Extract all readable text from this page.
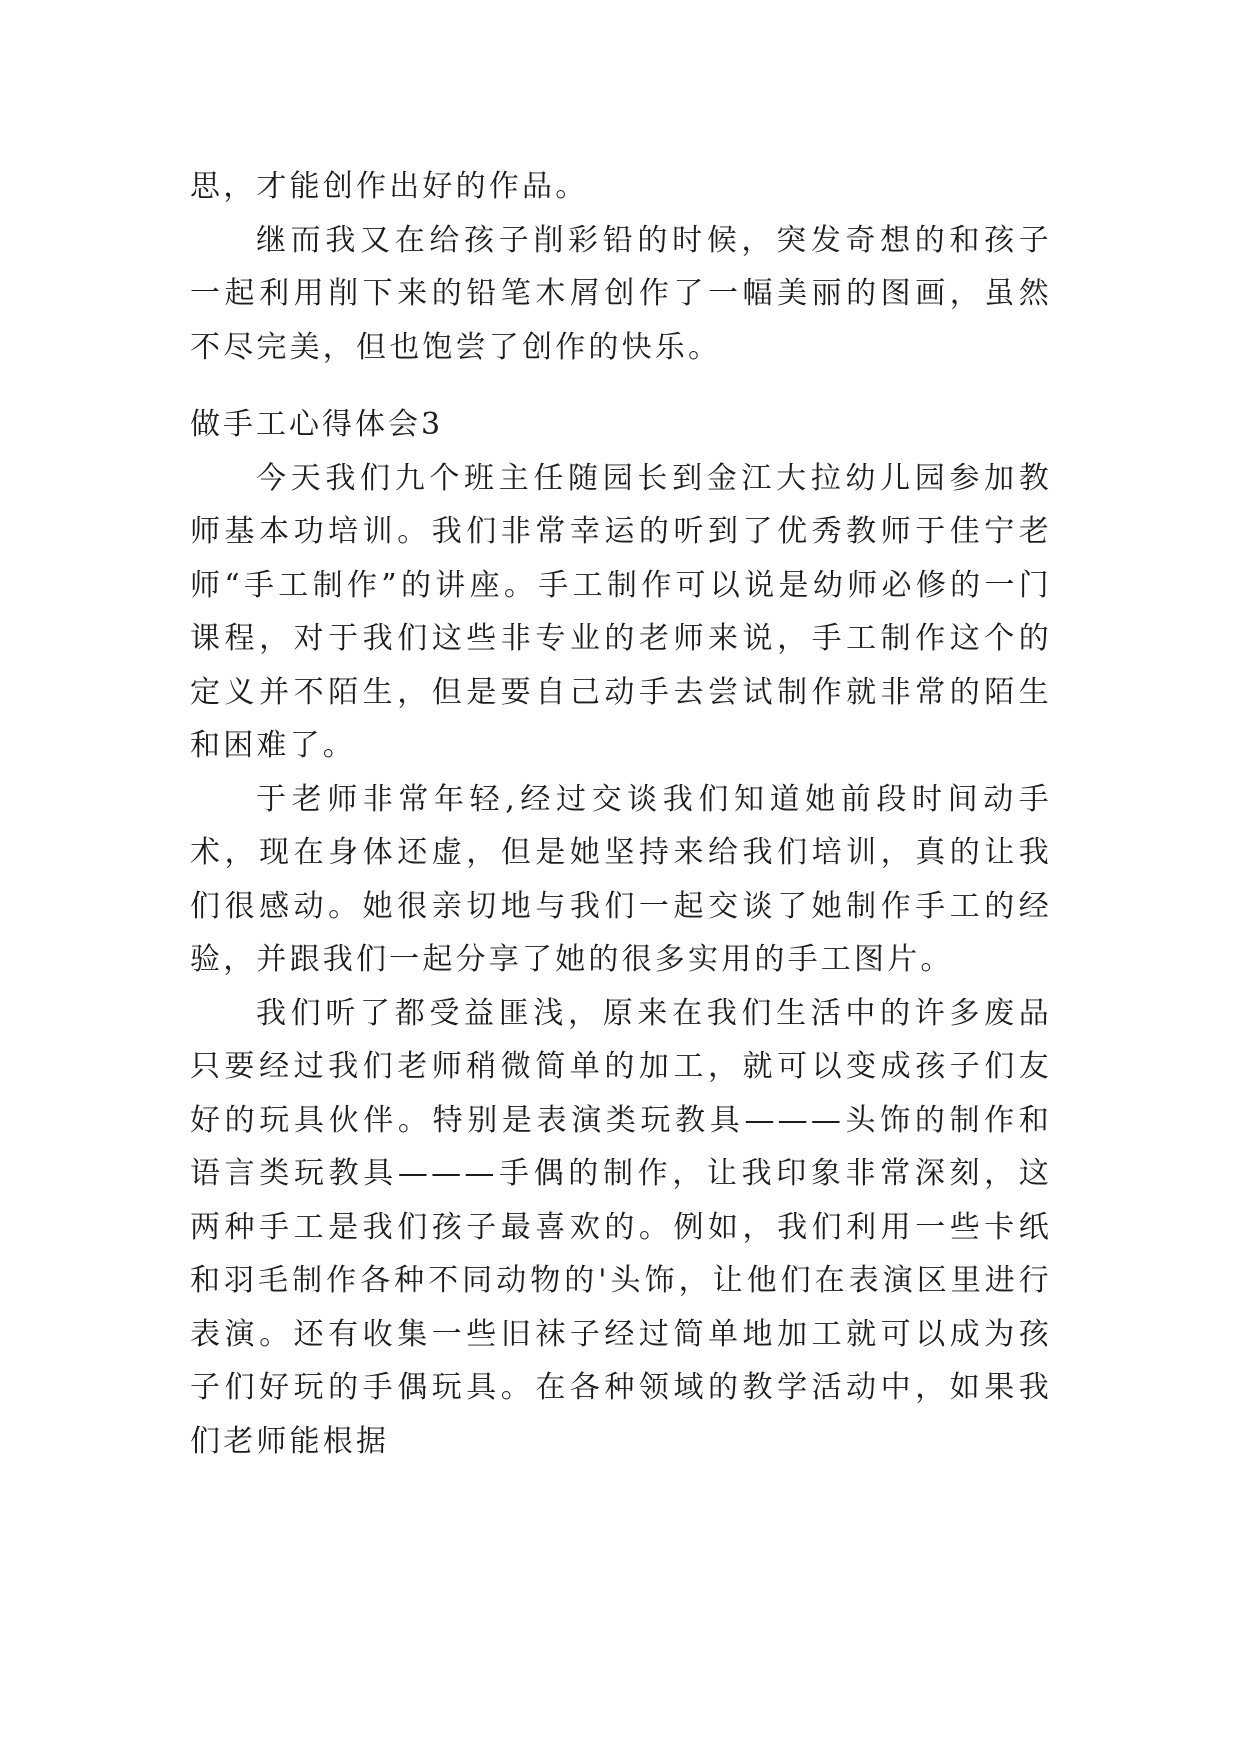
思，才能创作出好的作品。

继而我又在给孩子削彩铅的时候，突发奇想的和孩子一起利用削下来的铅笔木屑创作了一幅美丽的图画，虽然不尽完美，但也饱尝了创作的快乐。

做手工心得体会3

今天我们九个班主任随园长到金江大拉幼儿园参加教师基本功培训。我们非常幸运的听到了优秀教师于佳宁老师“手工制作”的讲座。手工制作可以说是幼师必修的一门课程，对于我们这些非专业的老师来说，手工制作这个的定义并不陌生，但是要自己动手去尝试制作就非常的陌生和困难了。

于老师非常年轻,经过交谈我们知道她前段时间动手术，现在身体还虚，但是她坚持来给我们培训，真的让我们很感动。她很亲切地与我们一起交谈了她制作手工的经验，并跟我们一起分享了她的很多实用的手工图片。

我们听了都受益匪浅，原来在我们生活中的许多废品只要经过我们老师稍微简单的加工，就可以变成孩子们友好的玩具伙伴。特别是表演类玩教具———头饰的制作和语言类玩教具———手偶的制作，让我印象非常深刻，这两种手工是我们孩子最喜欢的。例如，我们利用一些卡纸和羽毛制作各种不同动物的'头饰，让他们在表演区里进行表演。还有收集一些旧袜子经过简单地加工就可以成为孩子们好玩的手偶玩具。在各种领域的教学活动中，如果我们老师能根据
